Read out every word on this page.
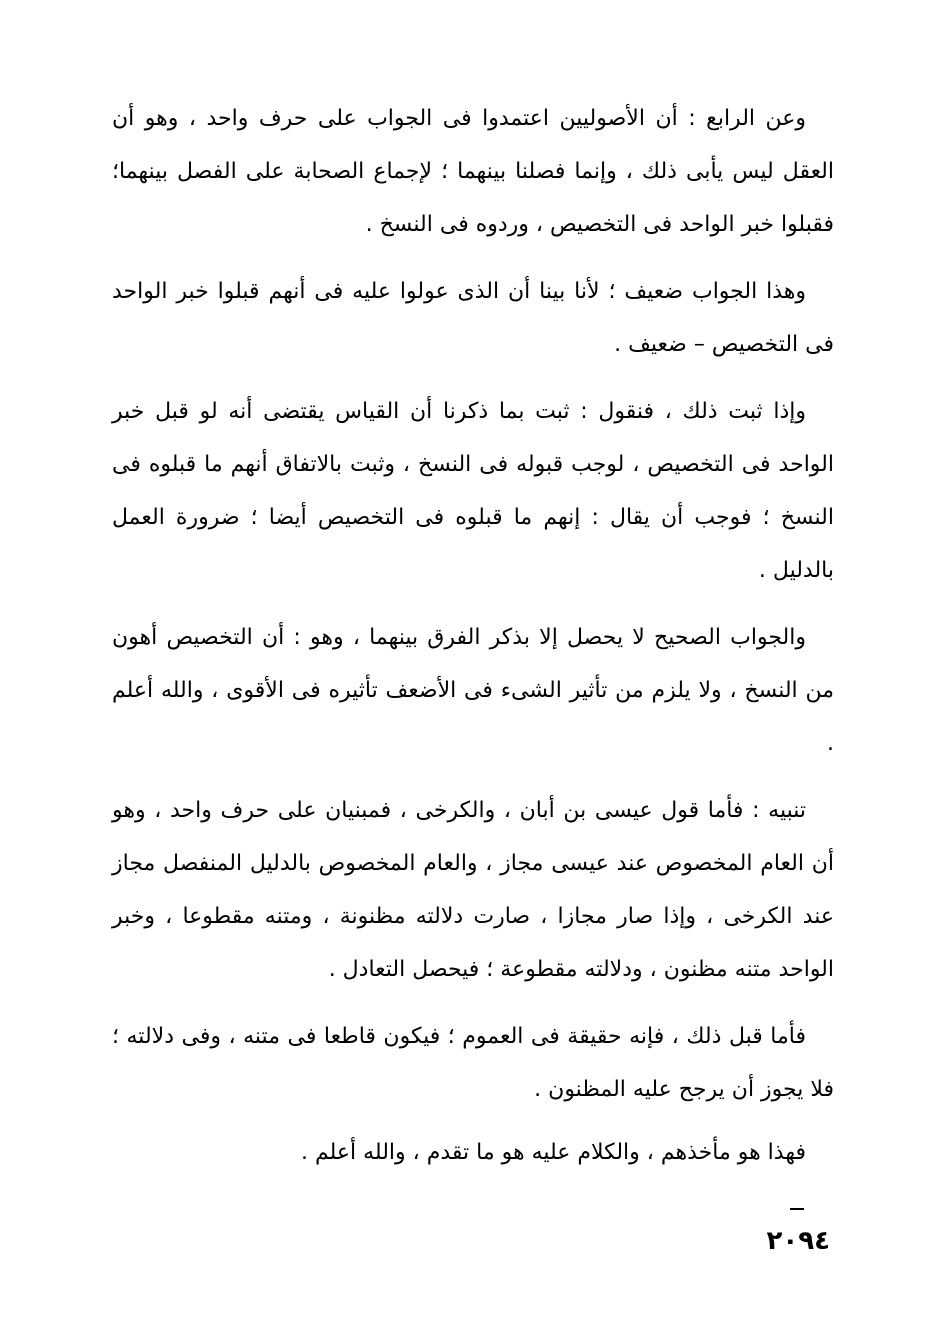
وعن الرابع : أن الأصوليين اعتمدوا فى الجواب على حرف واحد ، وهو أن العقل ليس يأبى ذلك ، وإنما فصلنا بينهما ؛ لإجماع الصحابة على الفصل بينهما؛ فقبلوا خبر الواحد فى التخصيص ، وردوه فى النسخ .

وهذا الجواب ضعيف ؛ لأنا بينا أن الذى عولوا عليه فى أنهم قبلوا خبر الواحد فى التخصيص – ضعيف .

وإذا ثبت ذلك ، فنقول : ثبت بما ذكرنا أن القياس يقتضى أنه لو قبل خبر الواحد فى التخصيص ، لوجب قبوله فى النسخ ، وثبت بالاتفاق أنهم ما قبلوه فى النسخ ؛ فوجب أن يقال : إنهم ما قبلوه فى التخصيص أيضا ؛ ضرورة العمل بالدليل .

والجواب الصحيح لا يحصل إلا بذكر الفرق بينهما ، وهو : أن التخصيص أهون من النسخ ، ولا يلزم من تأثير الشىء فى الأضعف تأثيره فى الأقوى ، والله أعلم .

تنبيه : فأما قول عيسى بن أبان ، والكرخى ، فمبنيان على حرف واحد ، وهو أن العام المخصوص عند عيسى مجاز ، والعام المخصوص بالدليل المنفصل مجاز عند الكرخى ، وإذا صار مجازا ، صارت دلالته مظنونة ، ومتنه مقطوعا ، وخبر الواحد متنه مظنون ، ودلالته مقطوعة ؛ فيحصل التعادل .

فأما قبل ذلك ، فإنه حقيقة فى العموم ؛ فيكون قاطعا فى متنه ، وفى دلالته ؛ فلا يجوز أن يرجح عليه المظنون .

فهذا هو مأخذهم ، والكلام عليه هو ما تقدم ، والله أعلم .

٢٠٩٤
